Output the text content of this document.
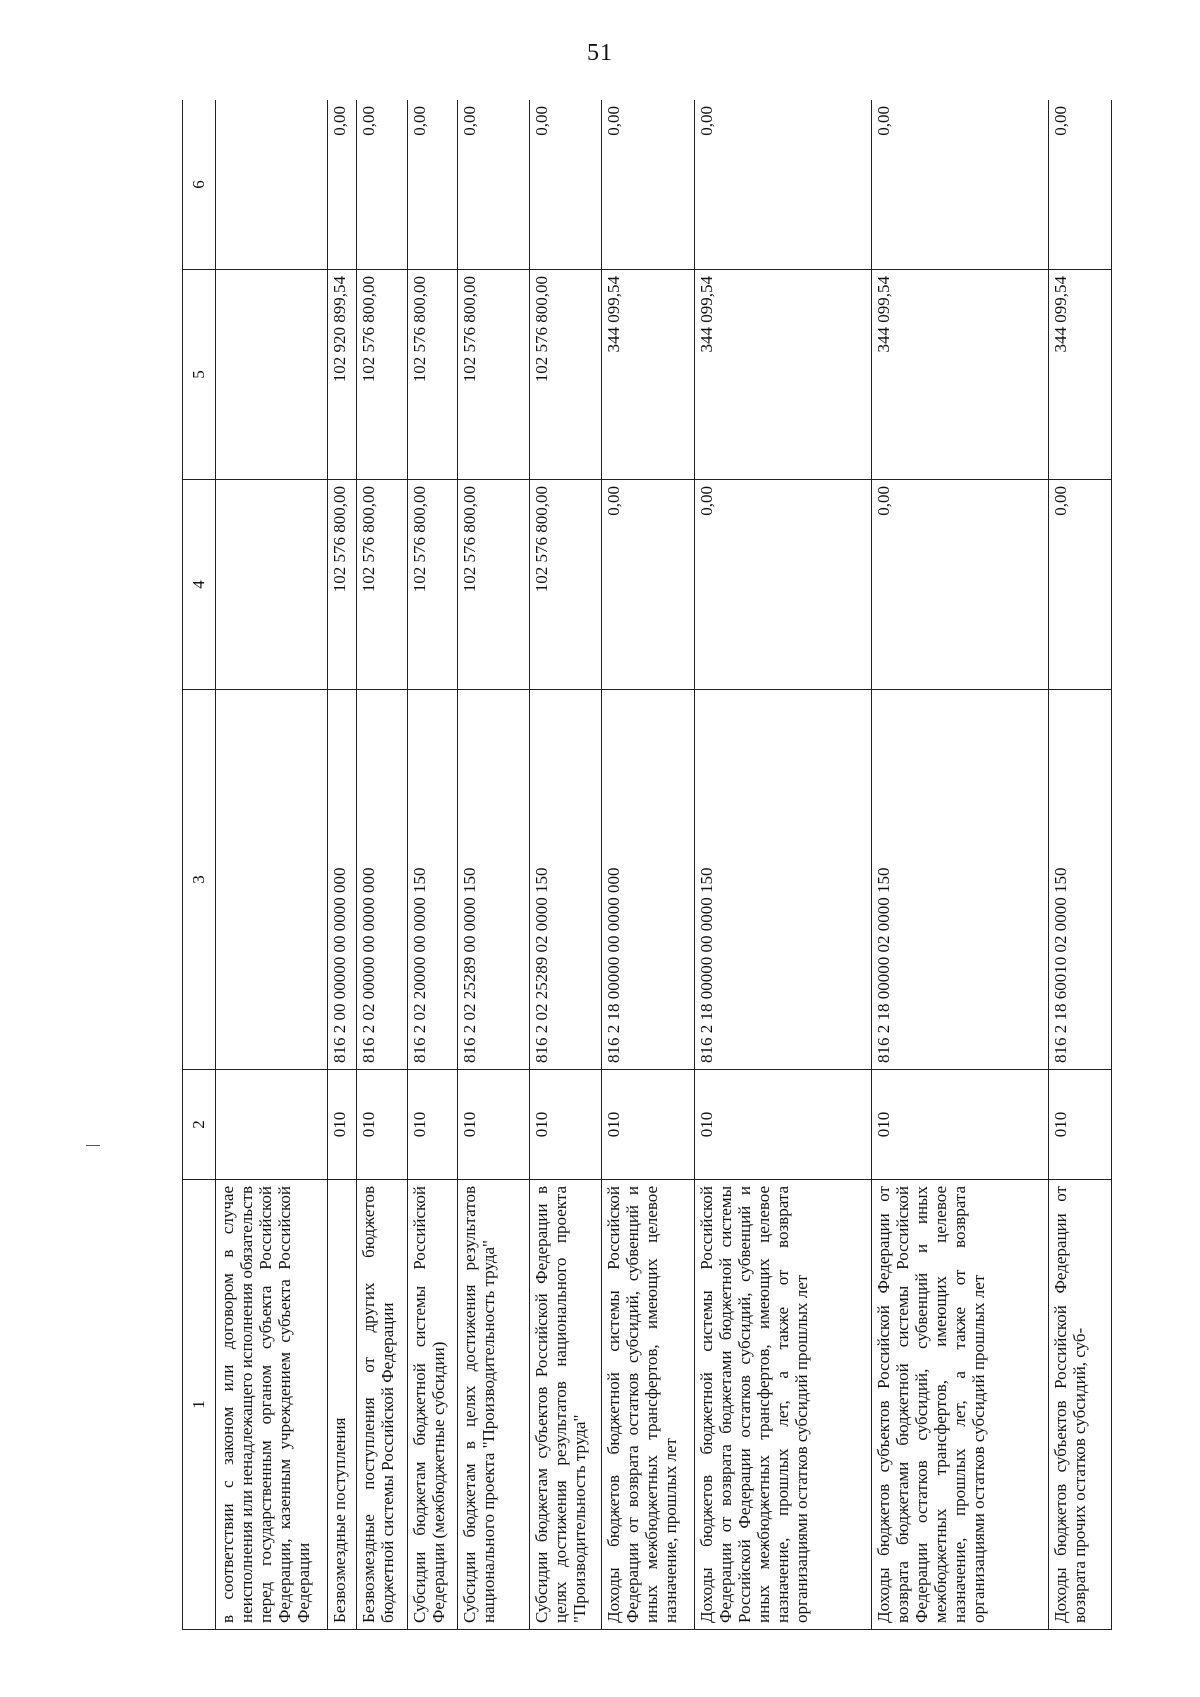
51
1	2	3	4	5	6
в соответствии с законом или договором в случае неисполнения или ненадлежащего исполнения обязательств перед государственным органом субъекта Российской Федерации, казенным учреждением субъекта Российской Федерации					
Безвозмездные поступления	010	816 2 00 00000 00 0000 000	102 576 800,00	102 920 899,54	0,00
Безвозмездные поступления от других бюджетов бюджетной системы Российской Федерации	010	816 2 02 00000 00 0000 000	102 576 800,00	102 576 800,00	0,00
Субсидии бюджетам бюджетной системы Российской Федерации (межбюджетные субсидии)	010	816 2 02 20000 00 0000 150	102 576 800,00	102 576 800,00	0,00
Субсидии бюджетам в целях достижения результатов национального проекта "Производительность труда"	010	816 2 02 25289 00 0000 150	102 576 800,00	102 576 800,00	0,00
Субсидии бюджетам субъектов Российской Федерации в целях достижения результатов национального проекта "Производительность труда"	010	816 2 02 25289 02 0000 150	102 576 800,00	102 576 800,00	0,00
Доходы бюджетов бюджетной системы Российской Федерации от возврата остатков субсидий, субвенций и иных межбюджетных трансфертов, имеющих целевое назначение, прошлых лет	010	816 2 18 00000 00 0000 000	0,00	344 099,54	0,00
Доходы бюджетов бюджетной системы Российской Федерации от возврата бюджетами бюджетной системы Российской Федерации остатков субсидий, субвенций и иных межбюджетных трансфертов, имеющих целевое назначение, прошлых лет, а также от возврата организациями остатков субсидий прошлых лет	010	816 2 18 00000 00 0000 150	0,00	344 099,54	0,00
Доходы бюджетов субъектов Российской Федерации от возврата бюджетами бюджетной системы Российской Федерации остатков субсидий, субвенций и иных межбюджетных трансфертов, имеющих целевое назначение, прошлых лет, а также от возврата организациями остатков субсидий прошлых лет	010	816 2 18 00000 02 0000 150	0,00	344 099,54	0,00
Доходы бюджетов субъектов Российской Федерации от возврата прочих остатков субсидий, суб-	010	816 2 18 60010 02 0000 150	0,00	344 099,54	0,00
